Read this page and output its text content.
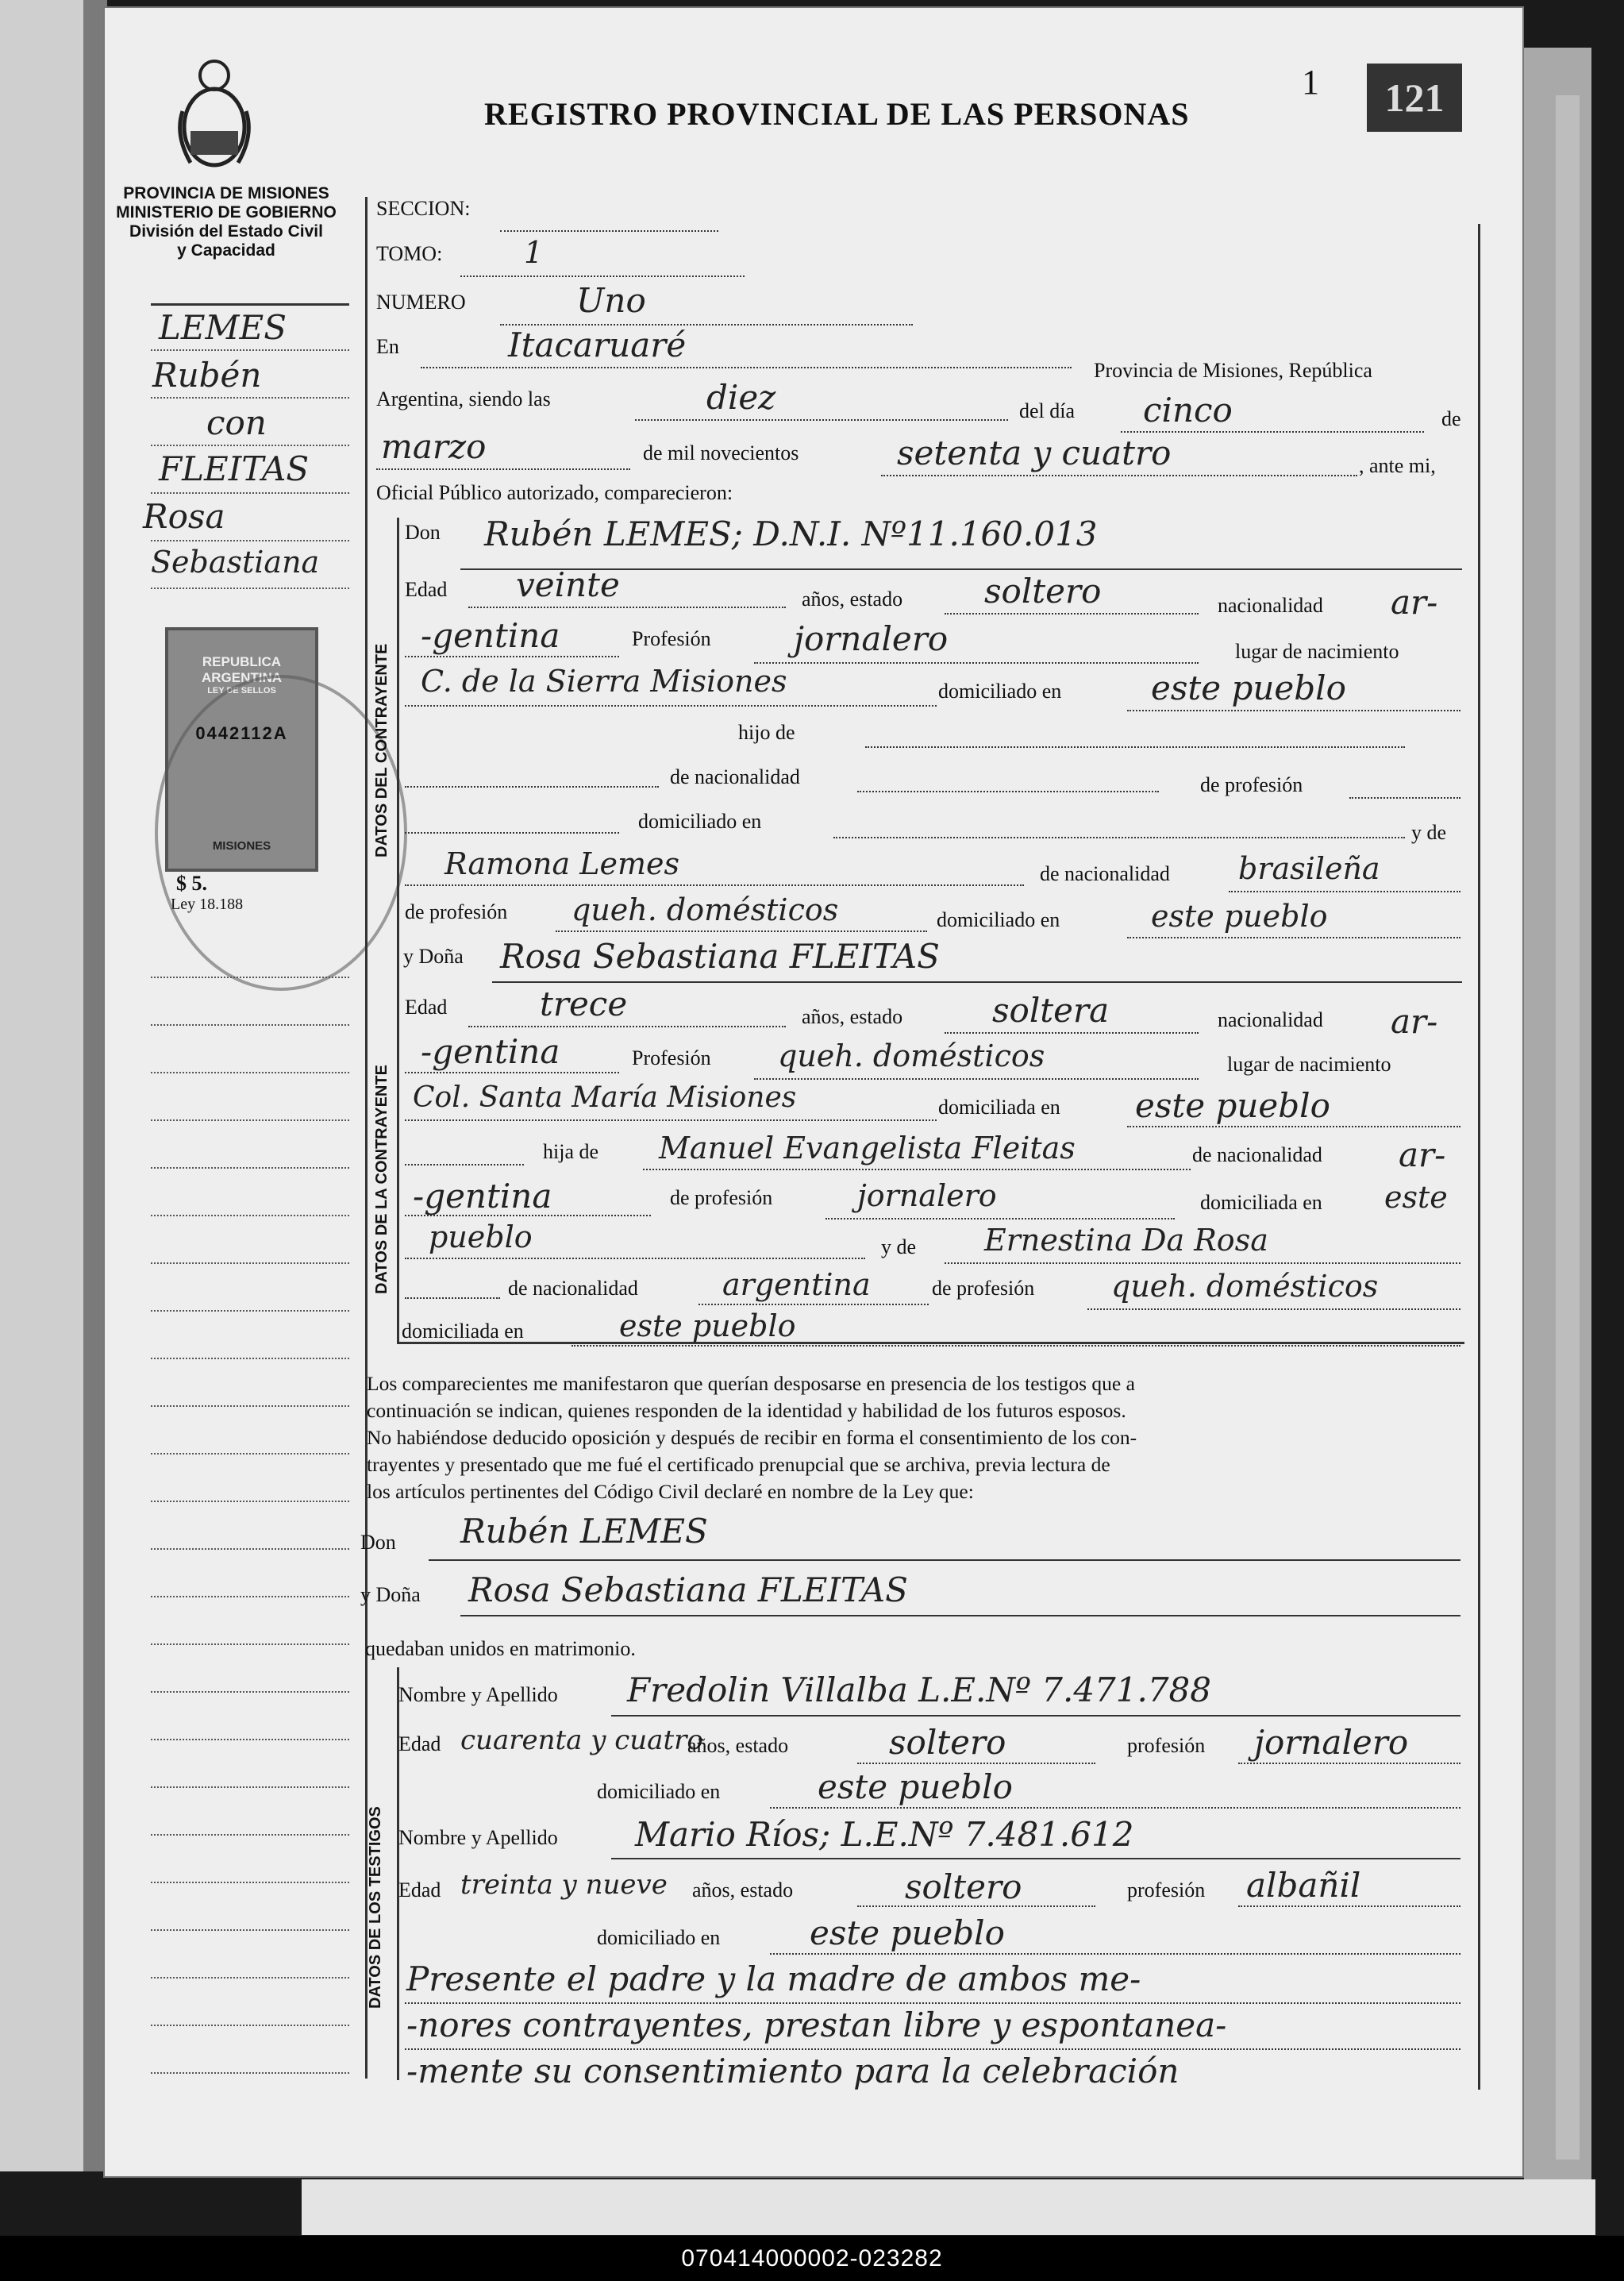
1	121
REGISTRO PROVINCIAL DE LAS PERSONAS
PROVINCIA DE MISIONES
MINISTERIO DE GOBIERNO
División del Estado Civil
y Capacidad
LEMES
Rubén
con
FLEITAS
Rosa
Sebastiana
REPUBLICA ARGENTINA
LEY DE SELLOS
0442112A
MISIONES
$ 5.
Ley 18.188
SECCION:
TOMO:	1
NUMERO	Uno
En	Itacaruaré
Provincia de Misiones, República
Argentina, siendo las	diez	del día cinco	de
marzo	de mil novecientos	setenta y cuatro	, ante mi,
Oficial Público autorizado, comparecieron:
DATOS DEL CONTRAYENTE
Don Rubén LEMES; D.N.I. Nº11.160.013
Edad veinte	años, estado soltero	nacionalidad ar-
-gentina	Profesión jornalero	lugar de nacimiento
C. de la Sierra Misiones	domiciliado en	este pueblo
hijo de
de nacionalidad	de profesión
domiciliado en	y de
Ramona Lemes	de nacionalidad brasileña
de profesión queh. domésticos	domiciliado en	este pueblo
DATOS DE LA CONTRAYENTE
y Doña Rosa Sebastiana FLEITAS
Edad	trece	años, estado	soltera	nacionalidad ar-
-gentina	Profesión queh. domésticos	lugar de nacimiento
Col. Santa María Misiones	domiciliada en este pueblo
hija de Manuel Evangelista Fleitas	de nacionalidad ar-
-gentina	de profesión	jornalero	domiciliada en este
pueblo	y de Ernestina Da Rosa
de nacionalidad	argentina	de profesión	queh. domésticos
domiciliada en	este pueblo
Los comparecientes me manifestaron que querían desposarse en presencia de los testigos que a
continuación se indican, quienes responden de la identidad y habilidad de los futuros esposos.
No habiéndose deducido oposición y después de recibir en forma el consentimiento de los con-
trayentes y presentado que me fué el certificado prenupcial que se archiva, previa lectura de
los artículos pertinentes del Código Civil declaré en nombre de la Ley que:
Don Rubén LEMES
y Doña Rosa Sebastiana FLEITAS
quedaban unidos en matrimonio.
DATOS DE LOS TESTIGOS
Nombre y Apellido Fredolin Villalba L.E.Nº 7.471.788
Edad cuarenta y cuatro
años, estado	soltero	profesión jornalero
domiciliado en	este pueblo
Nombre y Apellido Mario Ríos; L.E.Nº 7.481.612
Edad treinta y nueve años, estado	soltero	profesión albañil
domiciliado en	este pueblo
Presente el padre y la madre de ambos me-
-nores contrayentes, prestan libre y espontanea-
-mente su consentimiento para la celebración
070414000002-023282
